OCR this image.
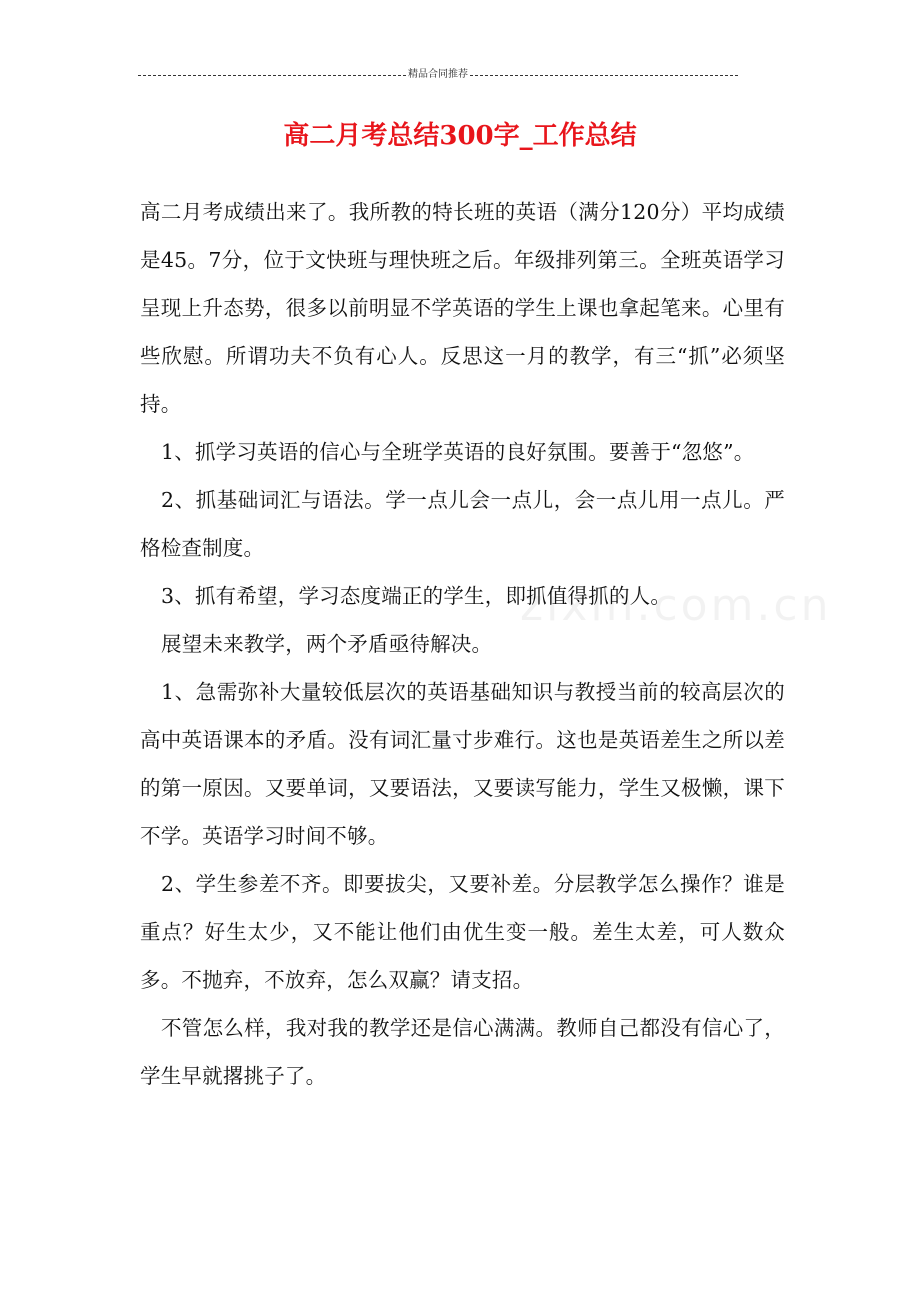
精品合同推荐
高二月考总结300字_工作总结
zixin.com.cn

高二月考成绩出来了。我所教的特长班的英语（满分120分）平均成绩是45。7分，位于文快班与理快班之后。年级排列第三。全班英语学习呈现上升态势，很多以前明显不学英语的学生上课也拿起笔来。心里有些欣慰。所谓功夫不负有心人。反思这一月的教学，有三“抓”必须坚持。

1、抓学习英语的信心与全班学英语的良好氛围。要善于“忽悠”。

2、抓基础词汇与语法。学一点儿会一点儿，会一点儿用一点儿。严格检查制度。

3、抓有希望，学习态度端正的学生，即抓值得抓的人。

展望未来教学，两个矛盾亟待解决。

1、急需弥补大量较低层次的英语基础知识与教授当前的较高层次的高中英语课本的矛盾。没有词汇量寸步难行。这也是英语差生之所以差的第一原因。又要单词，又要语法，又要读写能力，学生又极懒，课下不学。英语学习时间不够。

2、学生参差不齐。即要拔尖，又要补差。分层教学怎么操作？谁是重点？好生太少，又不能让他们由优生变一般。差生太差，可人数众多。不抛弃，不放弃，怎么双赢？请支招。

不管怎么样，我对我的教学还是信心满满。教师自己都没有信心了，学生早就撂挑子了。
